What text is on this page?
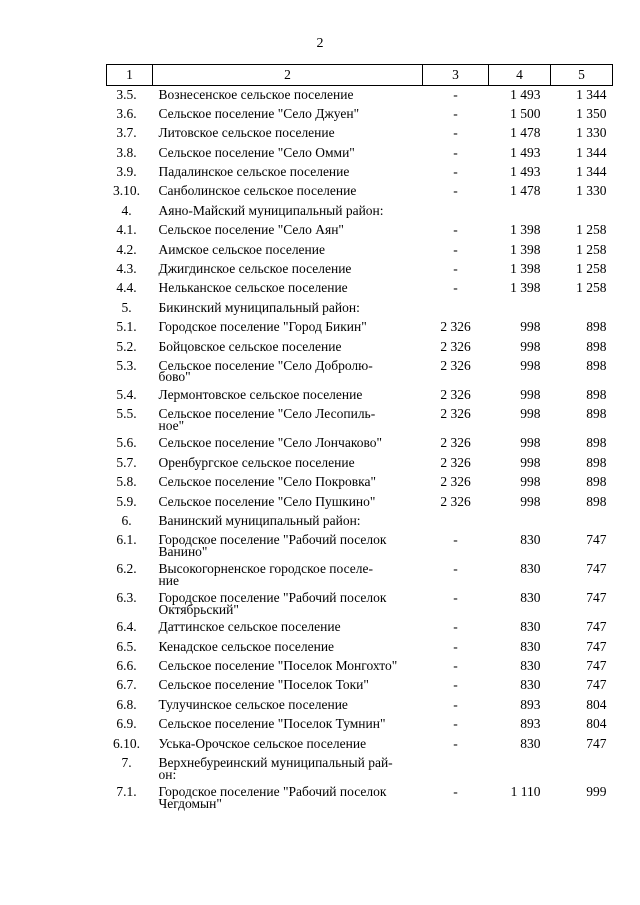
2
1	2	3	4	5
3.5.	Вознесенское сельское поселение	-	1 493	1 344
3.6.	Сельское поселение "Село Джуен"	-	1 500	1 350
3.7.	Литовское сельское поселение	-	1 478	1 330
3.8.	Сельское поселение "Село Омми"	-	1 493	1 344
3.9.	Падалинское сельское поселение	-	1 493	1 344
3.10.	Санболинское сельское поселение	-	1 478	1 330
4.	Аяно-Майский муниципальный район:			

4.1.	Сельское поселение "Село Аян"	-	1 398	1 258
4.2.	Аимское сельское поселение	-	1 398	1 258
4.3.	Джигдинское сельское поселение	-	1 398	1 258
4.4.	Нельканское сельское поселение	-	1 398	1 258
5.	Бикинский муниципальный район:			

5.1.	Городское поселение "Город Бикин"	2 326	998	898
5.2.	Бойцовское сельское поселение	2 326	998	898
5.3.	Сельское поселение "Село Добролю-
бово"	2 326	998	898
5.4.	Лермонтовское сельское поселение	2 326	998	898
5.5.	Сельское поселение "Село Лесопиль-
ное"	2 326	998	898
5.6.	Сельское поселение "Село Лончаково"	2 326	998	898
5.7.	Оренбургское сельское поселение	2 326	998	898
5.8.	Сельское поселение "Село Покровка"	2 326	998	898
5.9.	Сельское поселение "Село Пушкино"	2 326	998	898
6.	Ванинский муниципальный район:			

6.1.	Городское поселение "Рабочий поселок
Ванино"	-	830	747
6.2.	Высокогорненское городское поселе-
ние	-	830	747
6.3.	Городское поселение "Рабочий поселок
Октябрьский"	-	830	747
6.4.	Даттинское сельское поселение	-	830	747
6.5.	Кенадское сельское поселение	-	830	747
6.6.	Сельское поселение "Поселок Монгохто"	-	830	747
6.7.	Сельское поселение "Поселок Токи"	-	830	747
6.8.	Тулучинское сельское поселение	-	893	804
6.9.	Сельское поселение "Поселок Тумнин"	-	893	804
6.10.	Уська-Орочское сельское поселение	-	830	747
7.	Верхнебуреинский муниципальный рай-
он:			

7.1.	Городское поселение "Рабочий поселок
Чегдомын"	-	1 110	999
